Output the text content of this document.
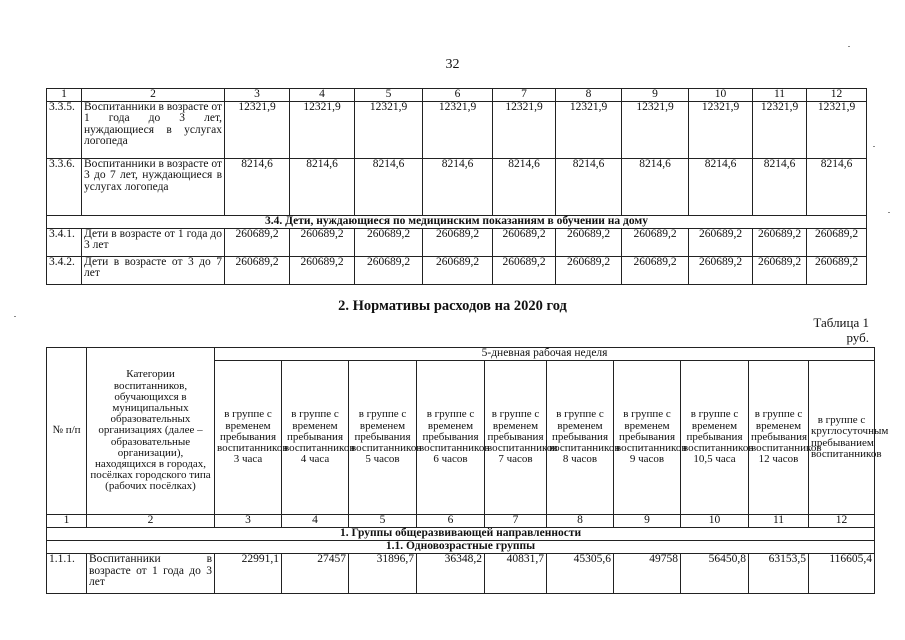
32
1	2	3	4	5	6	7	8	9	10	11	12
3.3.5.	Воспитанники в возрасте от 1 года до 3 лет, нуждающиеся в услугах логопеда	12321,9	12321,9	12321,9	12321,9	12321,9	12321,9	12321,9	12321,9	12321,9	12321,9
3.3.6.	Воспитанники в возрасте от 3 до 7 лет, нуждающиеся в услугах логопеда	8214,6	8214,6	8214,6	8214,6	8214,6	8214,6	8214,6	8214,6	8214,6	8214,6
3.4. Дети, нуждающиеся по медицинским показаниям в обучении на дому											
3.4.1.	Дети в возрасте от 1 года до 3 лет	260689,2	260689,2	260689,2	260689,2	260689,2	260689,2	260689,2	260689,2	260689,2	260689,2
3.4.2.	Дети в возрасте от 3 до 7 лет	260689,2	260689,2	260689,2	260689,2	260689,2	260689,2	260689,2	260689,2	260689,2	260689,2
2. Нормативы расходов на 2020 год
Таблица 1
руб.
№ п/п	Категории воспитанников, обучающихся в муниципальных образовательных организациях (далее – образовательные организации), находящихся в городах, посёлках городского типа (рабочих посёлках)	5-дневная рабочая неделя									
		в группе с временем пребывания воспитанников 3 часа	в группе с временем пребывания воспитанников 4 часа	в группе с временем пребывания воспитанников 5 часов	в группе с временем пребывания воспитанников 6 часов	в группе с временем пребывания воспитанников 7 часов	в группе с временем пребывания воспитанников 8 часов	в группе с временем пребывания воспитанников 9 часов	в группе с временем пребывания воспитанников 10,5 часа	в группе с временем пребывания воспитанников 12 часов	в группе с круглосуточным пребыванием воспитанников
1	2	3	4	5	6	7	8	9	10	11	12
1. Группы общеразвивающей направленности											
1.1. Одновозрастные группы											
1.1.1.	Воспитанники в возрасте от 1 года до 3 лет	22991,1	27457	31896,7	36348,2	40831,7	45305,6	49758	56450,8	63153,5	116605,4
